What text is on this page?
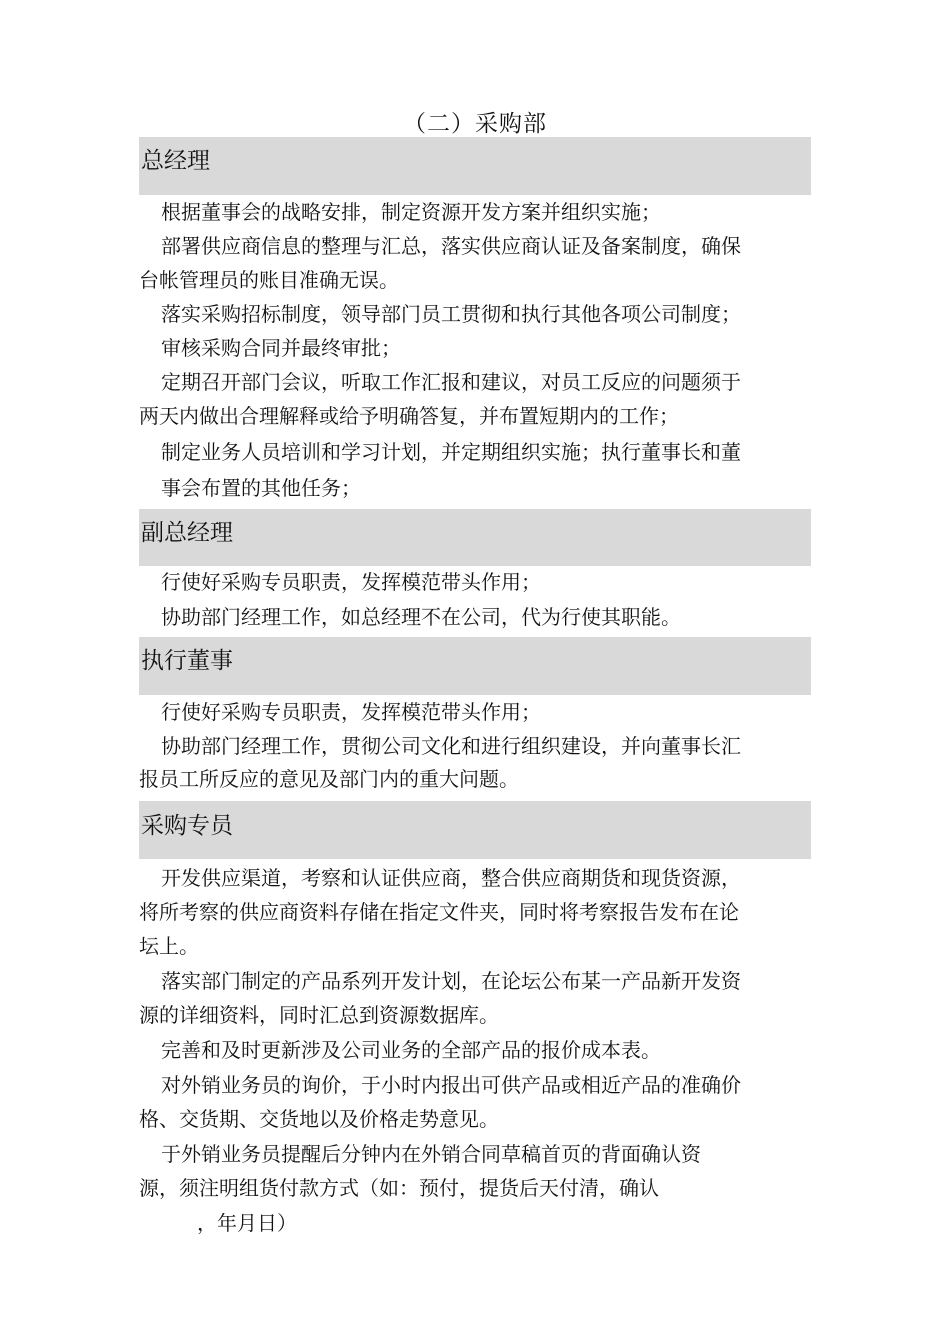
（二）采购部
总经理
根据董事会的战略安排，制定资源开发方案并组织实施；
部署供应商信息的整理与汇总，落实供应商认证及备案制度，确保
台帐管理员的账目准确无误。
落实采购招标制度，领导部门员工贯彻和执行其他各项公司制度；
审核采购合同并最终审批；
定期召开部门会议，听取工作汇报和建议，对员工反应的问题须于
两天内做出合理解释或给予明确答复，并布置短期内的工作；
制定业务人员培训和学习计划，并定期组织实施；执行董事长和董
事会布置的其他任务；
副总经理
行使好采购专员职责，发挥模范带头作用；
协助部门经理工作，如总经理不在公司，代为行使其职能。
执行董事
行使好采购专员职责，发挥模范带头作用；
协助部门经理工作，贯彻公司文化和进行组织建设，并向董事长汇
报员工所反应的意见及部门内的重大问题。
采购专员
开发供应渠道，考察和认证供应商，整合供应商期货和现货资源，
将所考察的供应商资料存储在指定文件夹，同时将考察报告发布在论
坛上。
落实部门制定的产品系列开发计划，在论坛公布某一产品新开发资
源的详细资料，同时汇总到资源数据库。
完善和及时更新涉及公司业务的全部产品的报价成本表。
对外销业务员的询价，于小时内报出可供产品或相近产品的准确价
格、交货期、交货地以及价格走势意见。
于外销业务员提醒后分钟内在外销合同草稿首页的背面确认资
源，须注明组货付款方式（如：预付，提货后天付清，确认
，年月日）
